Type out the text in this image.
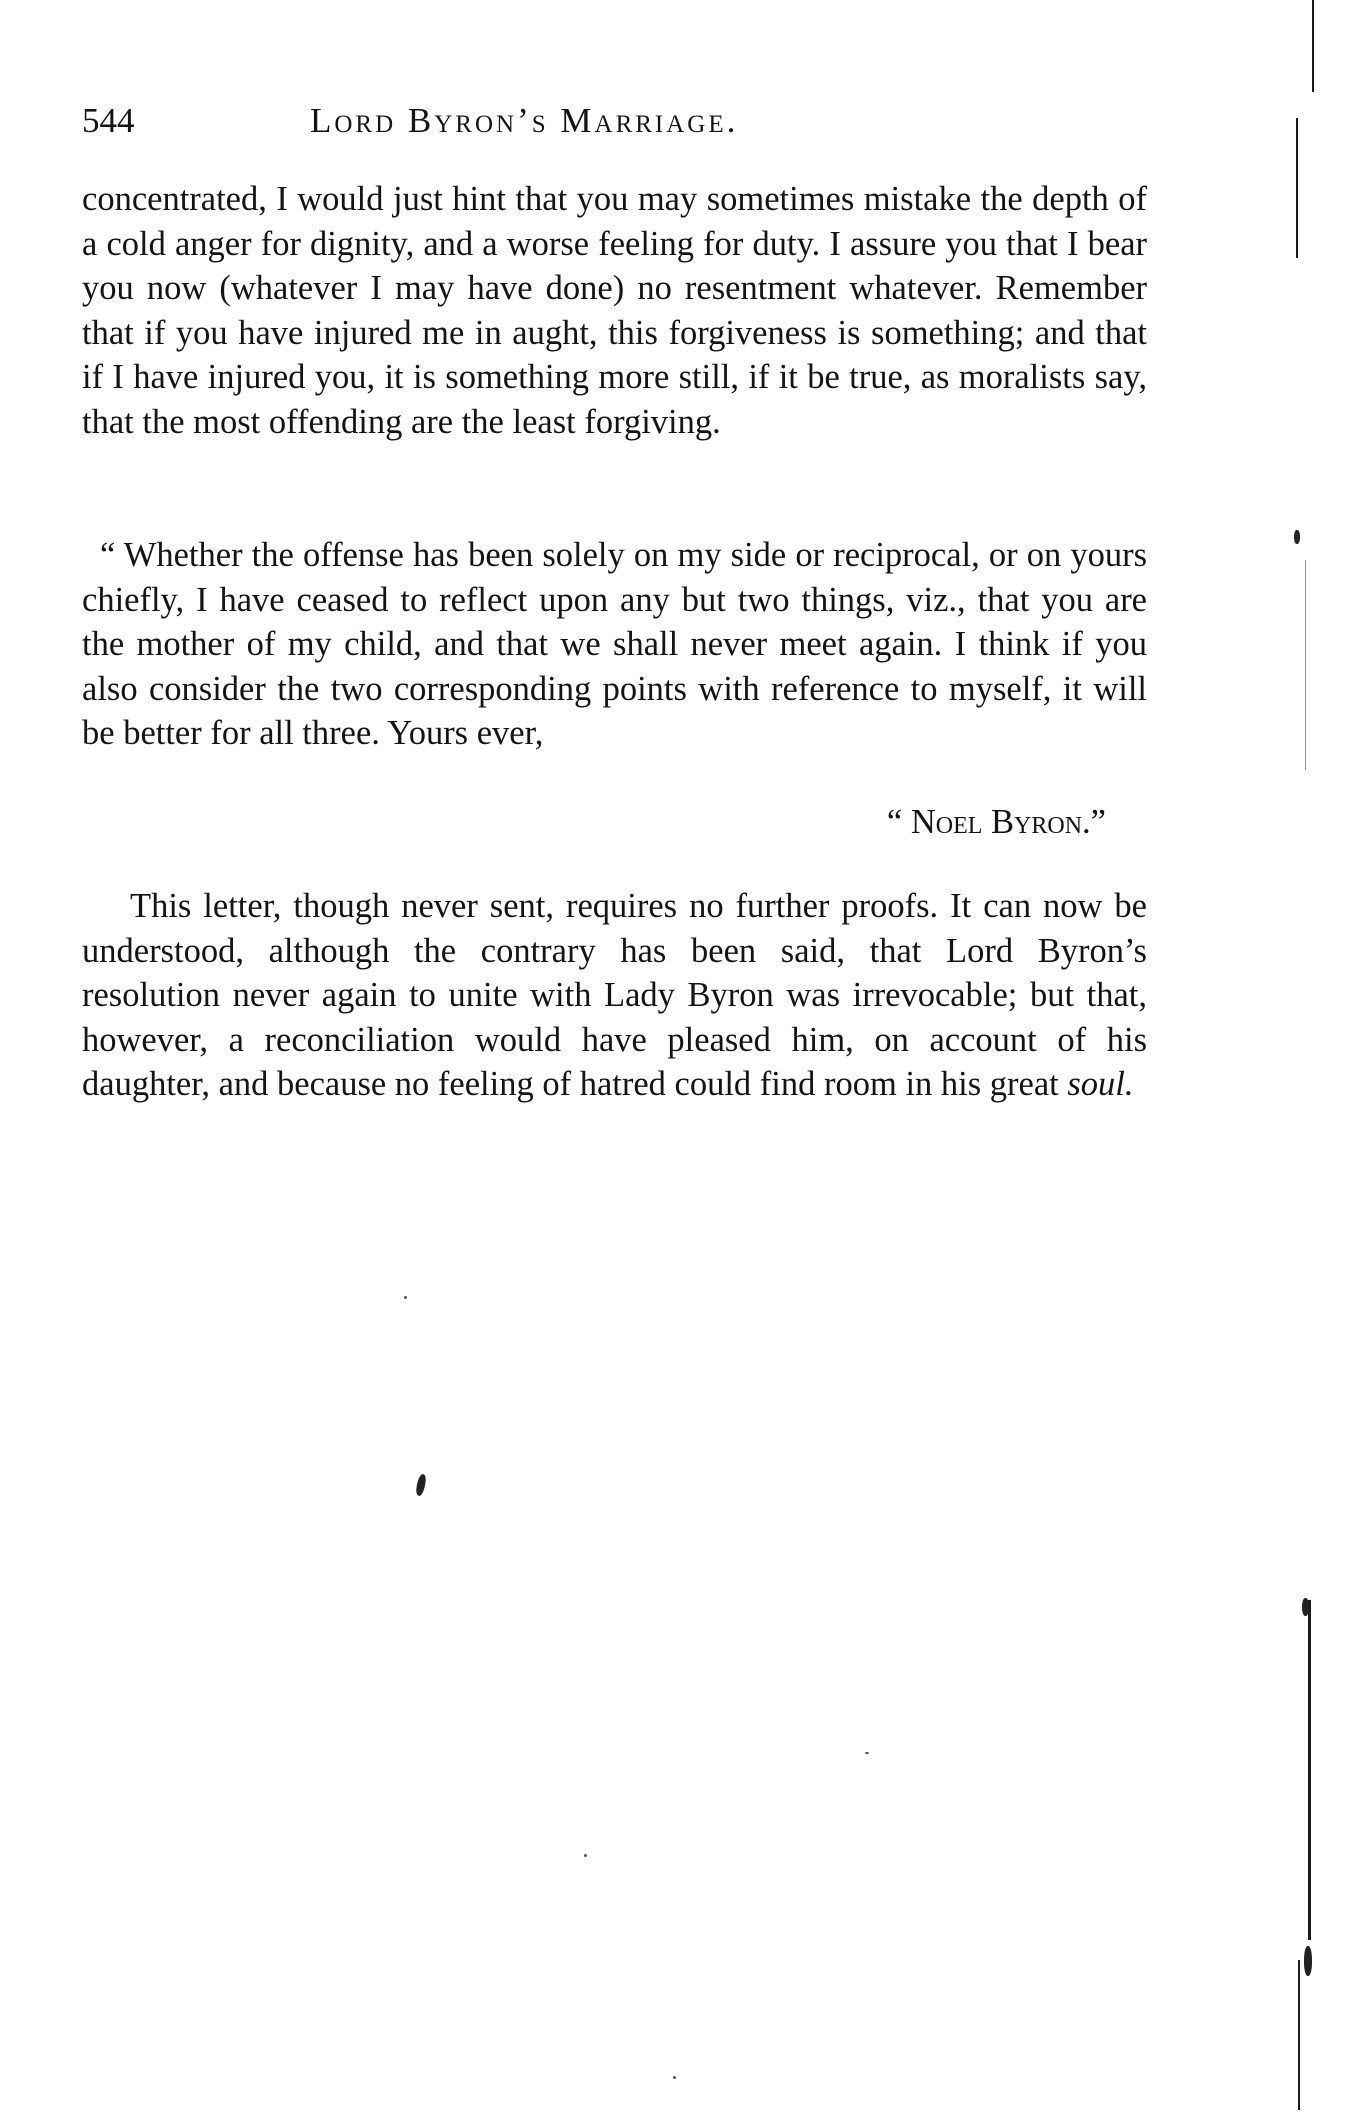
544	Lord Byron’s Marriage.

concentrated, I would just hint that you may sometimes mistake the depth of a cold anger for dignity, and a worse feeling for duty. I assure you that I bear you now (whatever I may have done) no resentment whatever. Remember that if you have injured me in aught, this forgiveness is something; and that if I have injured you, it is something more still, if it be true, as moralists say, that the most offending are the least forgiving.

“ Whether the offense has been solely on my side or reciprocal, or on yours chiefly, I have ceased to reflect upon any but two things, viz., that you are the mother of my child, and that we shall never meet again. I think if you also consider the two corresponding points with reference to myself, it will be better for all three. Yours ever,

“ Noel Byron.”

This letter, though never sent, requires no further proofs. It can now be understood, although the contrary has been said, that Lord Byron’s resolution never again to unite with Lady Byron was irrevocable; but that, however, a reconciliation would have pleased him, on account of his daughter, and because no feeling of hatred could find room in his great soul.
